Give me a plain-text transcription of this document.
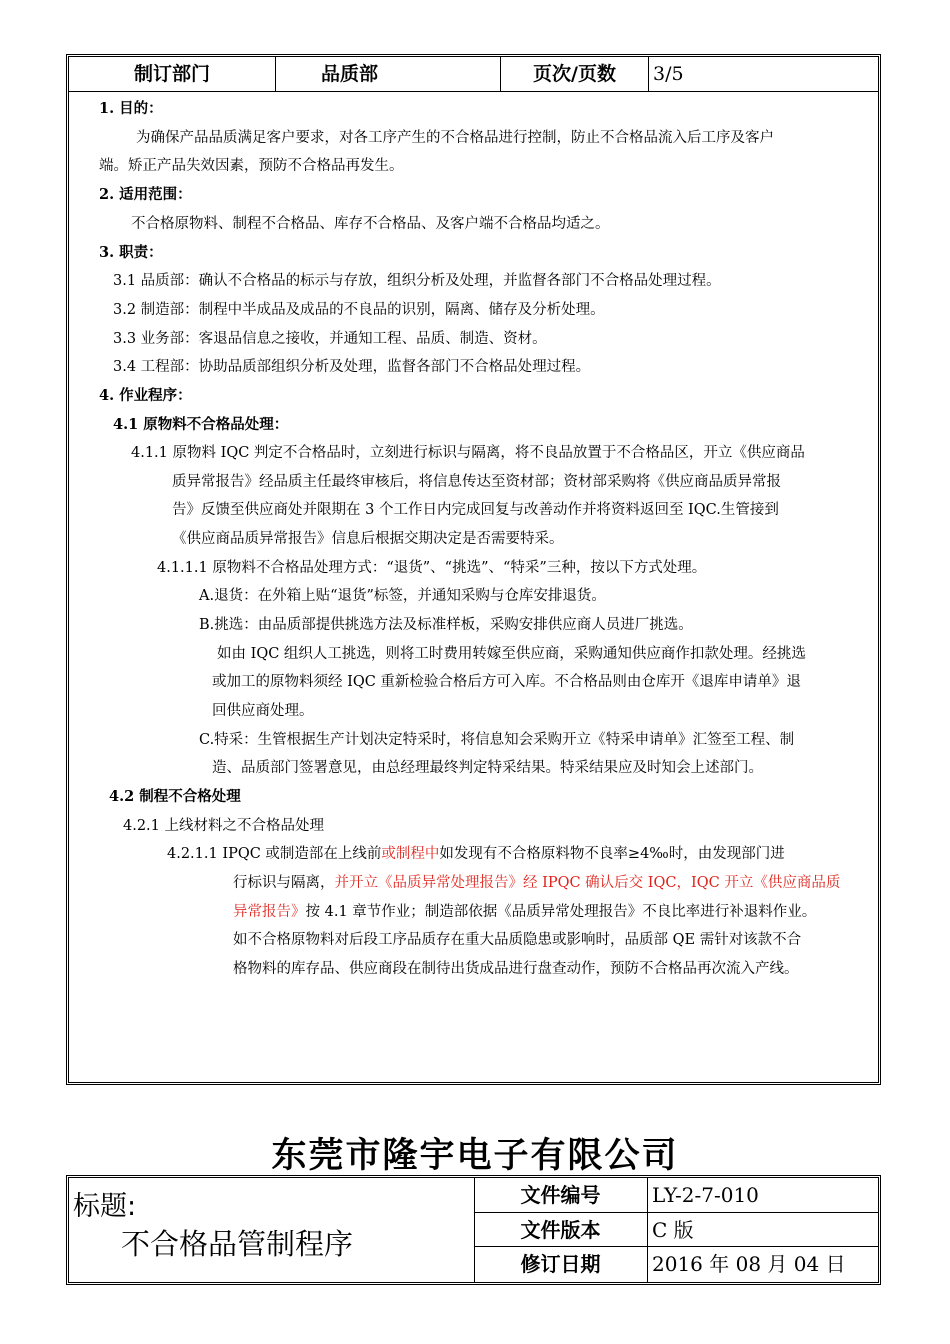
制订部门	品质部	页次/页数	3/5
1. 目的：
为确保产品品质满足客户要求，对各工序产生的不合格品进行控制，防止不合格品流入后工序及客户
端。矫正产品失效因素，预防不合格品再发生。
2. 适用范围：
不合格原物料、制程不合格品、库存不合格品、及客户端不合格品均适之。
3. 职责：
3.1 品质部：确认不合格品的标示与存放，组织分析及处理，并监督各部门不合格品处理过程。
3.2 制造部：制程中半成品及成品的不良品的识别，隔离、储存及分析处理。
3.3 业务部：客退品信息之接收，并通知工程、品质、制造、资材。
3.4 工程部：协助品质部组织分析及处理，监督各部门不合格品处理过程。
4. 作业程序：
4.1 原物料不合格品处理：
4.1.1 原物料 IQC 判定不合格品时，立刻进行标识与隔离，将不良品放置于不合格品区，开立《供应商品
质异常报告》经品质主任最终审核后，将信息传达至资材部；资材部采购将《供应商品质异常报
告》反馈至供应商处并限期在 3 个工作日内完成回复与改善动作并将资料返回至 IQC.生管接到
《供应商品质异常报告》信息后根据交期决定是否需要特采。
4.1.1.1 原物料不合格品处理方式：“退货”、“挑选”、“特采”三种，按以下方式处理。
A.退货：在外箱上贴“退货”标签，并通知采购与仓库安排退货。
B.挑选：由品质部提供挑选方法及标准样板，采购安排供应商人员进厂挑选。
如由 IQC 组织人工挑选，则将工时费用转嫁至供应商，采购通知供应商作扣款处理。经挑选
或加工的原物料须经 IQC 重新检验合格后方可入库。不合格品则由仓库开《退库申请单》退
回供应商处理。
C.特采：生管根据生产计划决定特采时，将信息知会采购开立《特采申请单》汇签至工程、制
造、品质部门签署意见，由总经理最终判定特采结果。特采结果应及时知会上述部门。
4.2 制程不合格处理
4.2.1 上线材料之不合格品处理
4.2.1.1 IPQC 或制造部在上线前或制程中如发现有不合格原料物不良率≥4‰时，由发现部门进
行标识与隔离，并开立《品质异常处理报告》经 IPQC 确认后交 IQC，IQC 开立《供应商品质
异常报告》按 4.1 章节作业；制造部依据《品质异常处理报告》不良比率进行补退料作业。
如不合格原物料对后段工序品质存在重大品质隐患或影响时，品质部 QE 需针对该款不合
格物料的库存品、供应商段在制待出货成品进行盘查动作，预防不合格品再次流入产线。
东莞市隆宇电子有限公司
标题:
不合格品管制程序
文件编号	LY-2-7-010
文件版本	C 版
修订日期	2016 年 08 月 04 日
